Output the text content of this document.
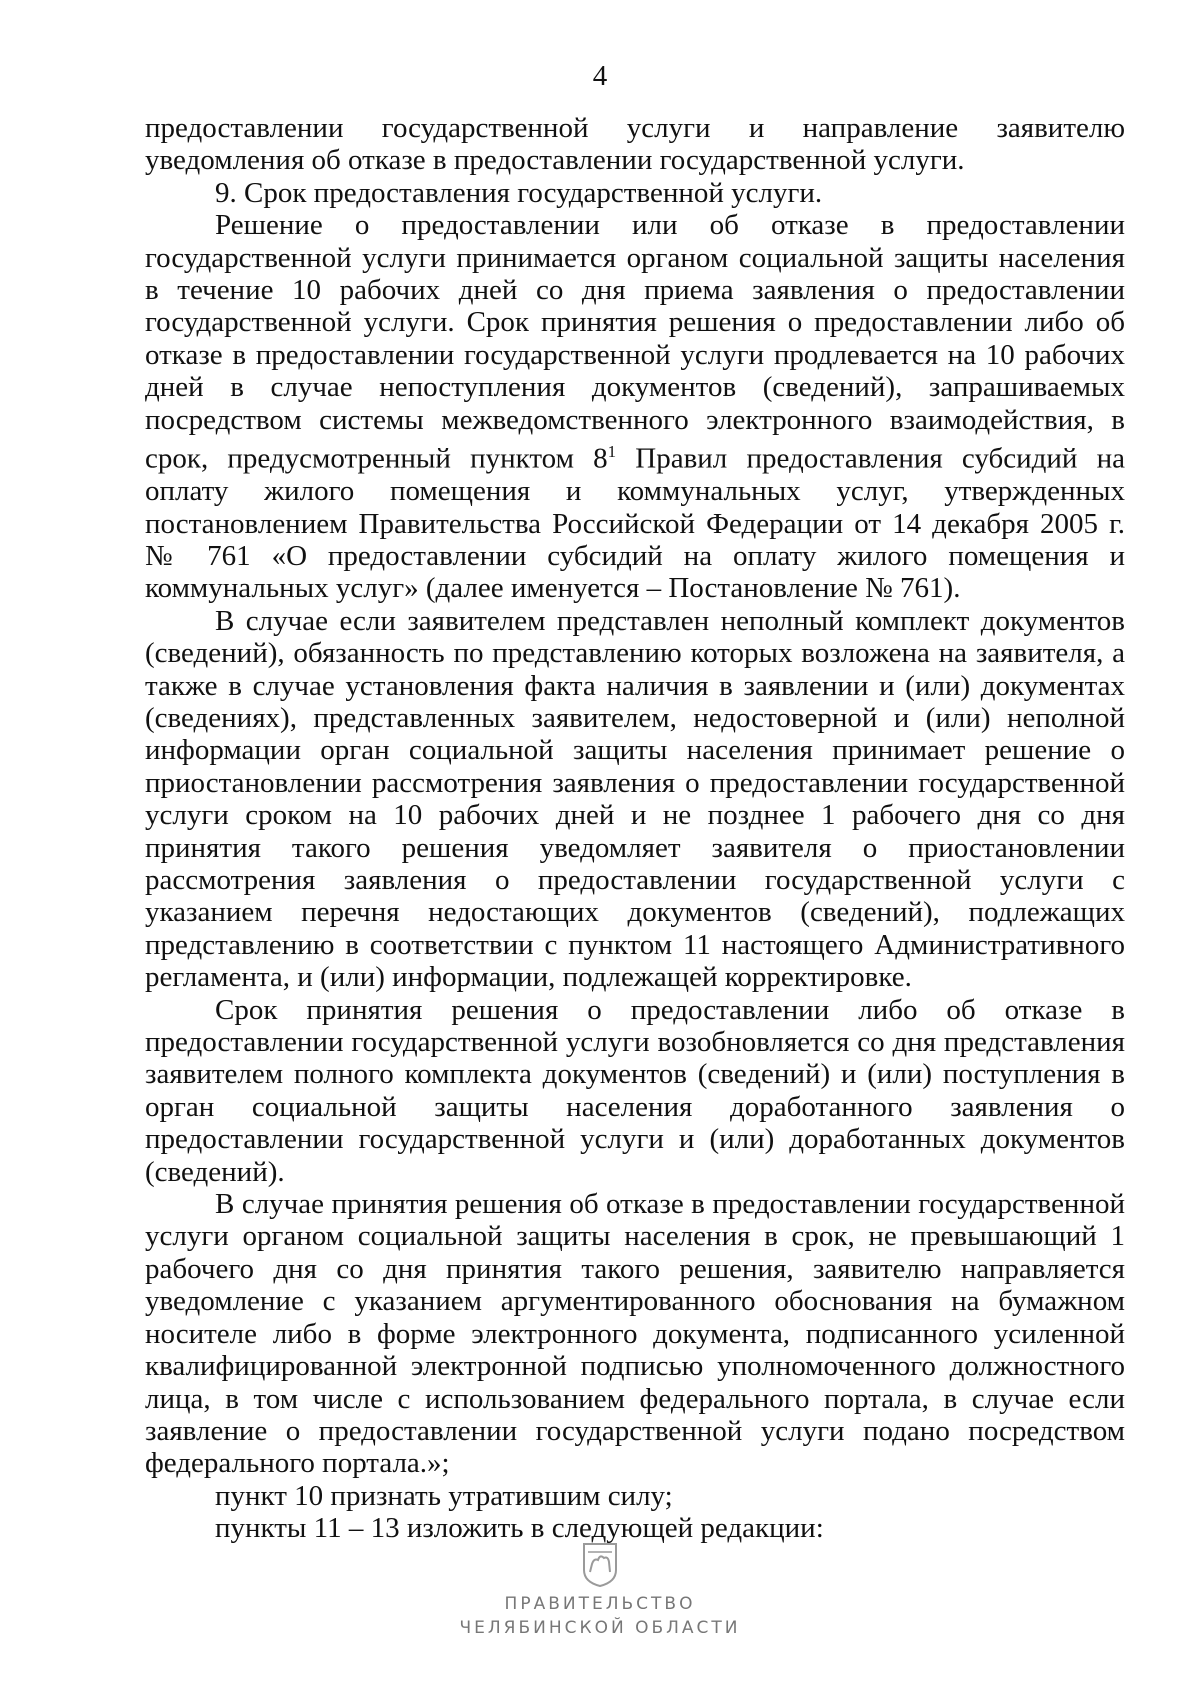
4

предоставлении государственной услуги и направление заявителю уведомления об отказе в предоставлении государственной услуги.

9. Срок предоставления государственной услуги.

Решение о предоставлении или об отказе в предоставлении государственной услуги принимается органом социальной защиты населения в течение 10 рабочих дней со дня приема заявления о предоставлении государственной услуги. Срок принятия решения о предоставлении либо об отказе в предоставлении государственной услуги продлевается на 10 рабочих дней в случае непоступления документов (сведений), запрашиваемых посредством системы межведомственного электронного взаимодействия, в срок, предусмотренный пунктом $8^1$ Правил предоставления субсидий на оплату жилого помещения и коммунальных услуг, утвержденных постановлением Правительства Российской Федерации от 14 декабря 2005 г. № 761 «О предоставлении субсидий на оплату жилого помещения и коммунальных услуг» (далее именуется – Постановление № 761).

В случае если заявителем представлен неполный комплект документов (сведений), обязанность по представлению которых возложена на заявителя, а также в случае установления факта наличия в заявлении и (или) документах (сведениях), представленных заявителем, недостоверной и (или) неполной информации орган социальной защиты населения принимает решение о приостановлении рассмотрения заявления о предоставлении государственной услуги сроком на 10 рабочих дней и не позднее 1 рабочего дня со дня принятия такого решения уведомляет заявителя о приостановлении рассмотрения заявления о предоставлении государственной услуги с указанием перечня недостающих документов (сведений), подлежащих представлению в соответствии с пунктом 11 настоящего Административного регламента, и (или) информации, подлежащей корректировке.

Срок принятия решения о предоставлении либо об отказе в предоставлении государственной услуги возобновляется со дня представления заявителем полного комплекта документов (сведений) и (или) поступления в орган социальной защиты населения доработанного заявления о предоставлении государственной услуги и (или) доработанных документов (сведений).

В случае принятия решения об отказе в предоставлении государственной услуги органом социальной защиты населения в срок, не превышающий 1 рабочего дня со дня принятия такого решения, заявителю направляется уведомление с указанием аргументированного обоснования на бумажном носителе либо в форме электронного документа, подписанного усиленной квалифицированной электронной подписью уполномоченного должностного лица, в том числе с использованием федерального портала, в случае если заявление о предоставлении государственной услуги подано посредством федерального портала.»;

пункт 10 признать утратившим силу;

пункты 11 – 13 изложить в следующей редакции:

ПРАВИТЕЛЬСТВО
ЧЕЛЯБИНСКОЙ ОБЛАСТИ
